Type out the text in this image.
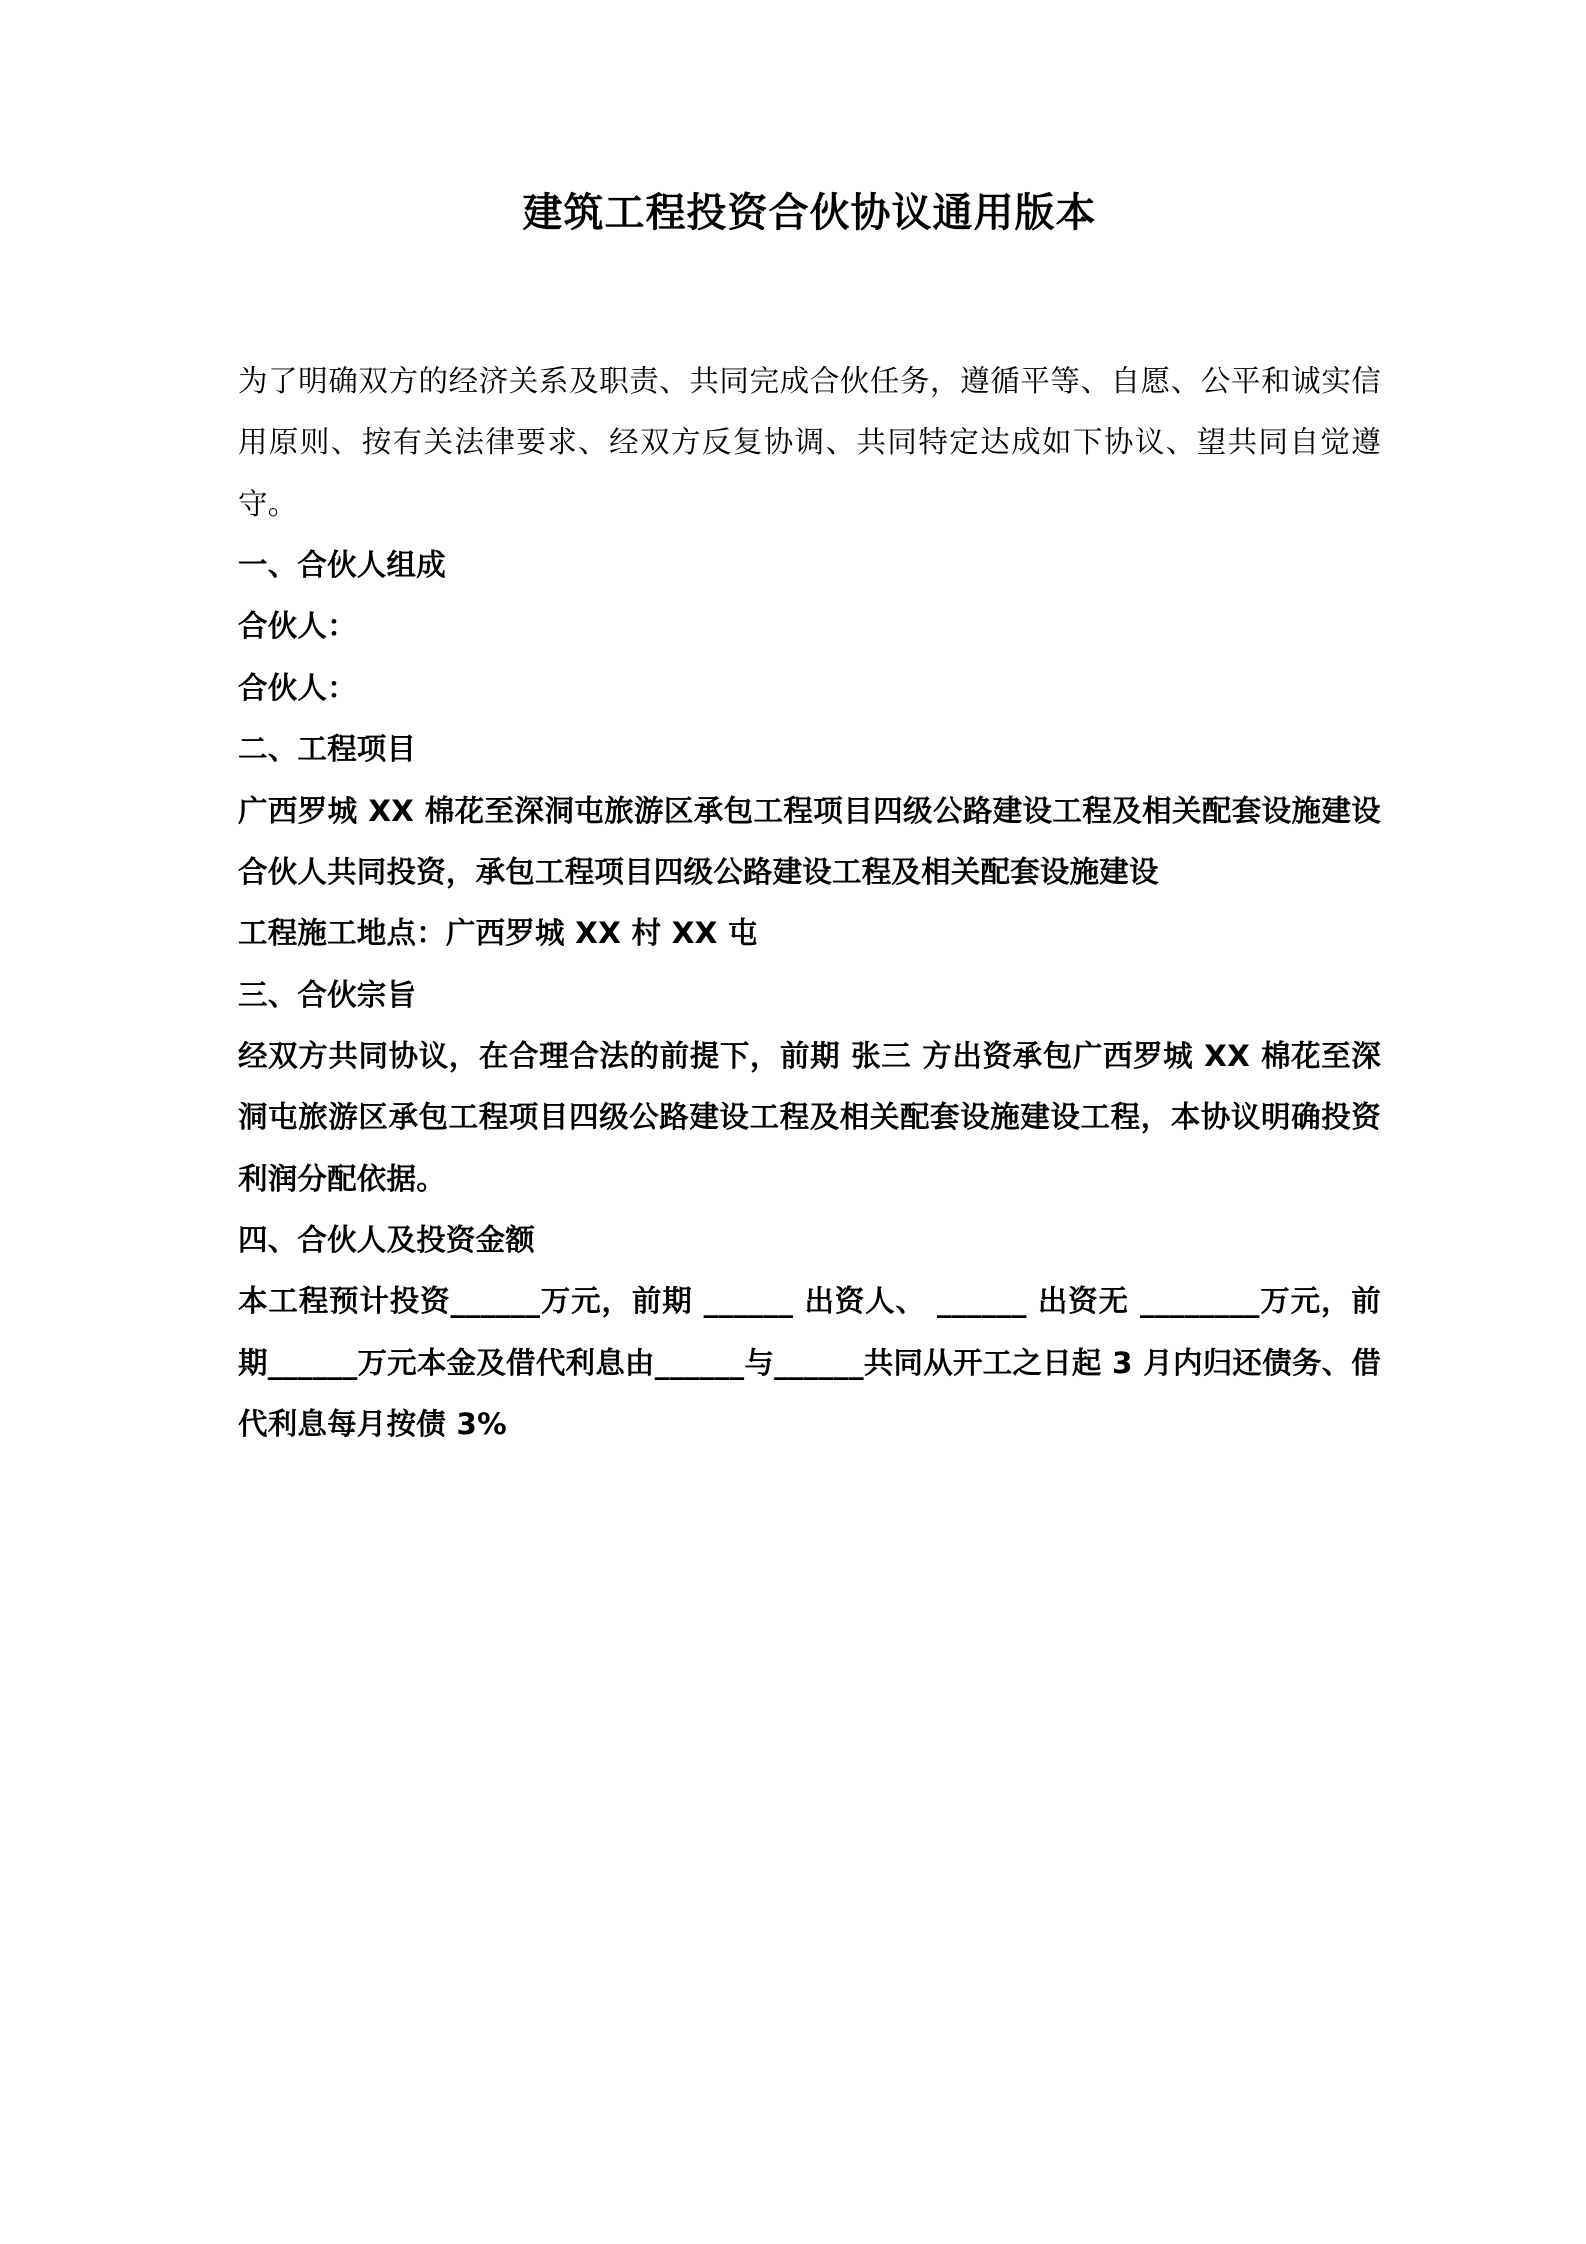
建筑工程投资合伙协议通用版本

为了明确双方的经济关系及职责、共同完成合伙任务，遵循平等、自愿、公平和诚实信用原则、按有关法律要求、经双方反复协调、共同特定达成如下协议、望共同自觉遵守。

一、合伙人组成

合伙人：

合伙人：

二、工程项目

广西罗城 XX 棉花至深洞屯旅游区承包工程项目四级公路建设工程及相关配套设施建设合伙人共同投资，承包工程项目四级公路建设工程及相关配套设施建设

工程施工地点：广西罗城 XX 村 XX 屯

三、合伙宗旨

经双方共同协议，在合理合法的前提下，前期 张三 方出资承包广西罗城 XX 棉花至深洞屯旅游区承包工程项目四级公路建设工程及相关配套设施建设工程，本协议明确投资利润分配依据。

四、合伙人及投资金额

本工程预计投资______万元，前期 ______ 出资人、 ______ 出资无 ________万元，前期______万元本金及借代利息由______与______共同从开工之日起 3 月内归还债务、借代利息每月按债 3%
